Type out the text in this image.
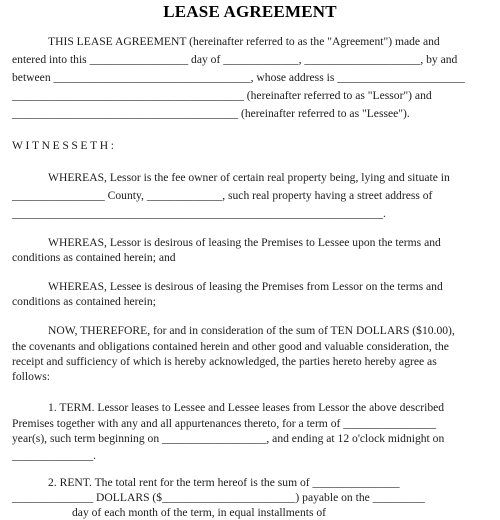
LEASE AGREEMENT
THIS LEASE AGREEMENT (hereinafter referred to as the "Agreement") made and
entered into this _________________ day of _____________, ____________________, by and
between __________________________________, whose address is ______________________
________________________________________ (hereinafter referred to as "Lessor") and
_______________________________________ (hereinafter referred to as "Lessee").
WITNESSETH:
WHEREAS, Lessor is the fee owner of certain real property being, lying and situate in
________________ County, _____________, such real property having a street address of
________________________________________________________________.
WHEREAS, Lessor is desirous of leasing the Premises to Lessee upon the terms and
conditions as contained herein; and
WHEREAS, Lessee is desirous of leasing the Premises from Lessor on the terms and
conditions as contained herein;
NOW, THEREFORE, for and in consideration of the sum of TEN DOLLARS ($10.00),
the covenants and obligations contained herein and other good and valuable consideration, the
receipt and sufficiency of which is hereby acknowledged, the parties hereto hereby agree as
follows:
1. TERM. Lessor leases to Lessee and Lessee leases from Lessor the above described
Premises together with any and all appurtenances thereto, for a term of ________________
year(s), such term beginning on __________________, and ending at 12 o'clock midnight on
______________.
2. RENT. The total rent for the term hereof is the sum of _______________
______________ DOLLARS ($_______________________) payable on the _________
day of each month of the term, in equal installments of
